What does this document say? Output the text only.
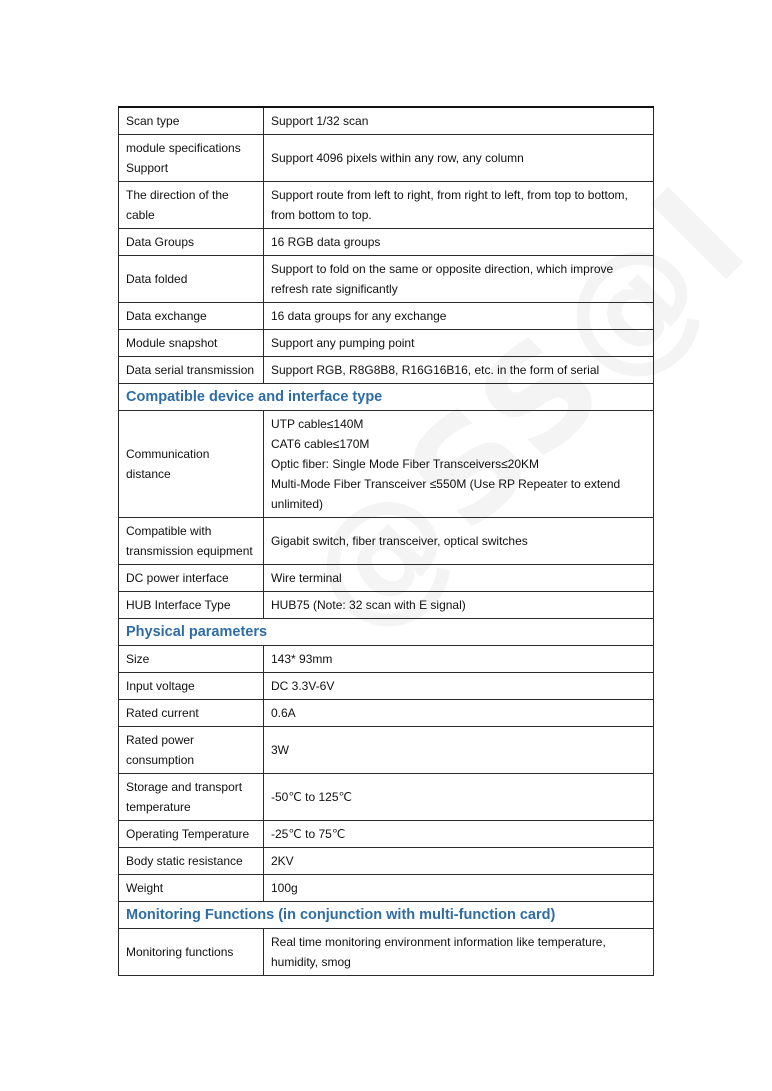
Scan type	Support 1/32 scan
module specifications Support	Support 4096 pixels within any row, any column
The direction of the cable	Support route from left to right, from right to left, from top to bottom, from bottom to top.
Data Groups	16 RGB data groups
Data folded	Support to fold on the same or opposite direction, which improve refresh rate significantly
Data exchange	16 data groups for any exchange
Module snapshot	Support any pumping point
Data serial transmission	Support RGB, R8G8B8, R16G16B16, etc. in the form of serial
Compatible device and interface type	
Communication distance	UTP cable≤140M
CAT6 cable≤170M
Optic fiber: Single Mode Fiber Transceivers≤20KM
Multi-Mode Fiber Transceiver ≤550M (Use RP Repeater to extend unlimited)

Compatible with transmission equipment	Gigabit switch, fiber transceiver, optical switches
DC power interface	Wire terminal
HUB Interface Type	HUB75 (Note: 32 scan with E signal)
Physical parameters	
Size	143* 93mm
Input voltage	DC 3.3V-6V
Rated current	0.6A
Rated power consumption	3W
Storage and transport temperature	-50℃ to 125℃
Operating Temperature	-25℃ to 75℃
Body static resistance	2KV
Weight	100g
Monitoring Functions (in conjunction with multi-function card)	
Monitoring functions	Real time monitoring environment information like temperature, humidity, smog
